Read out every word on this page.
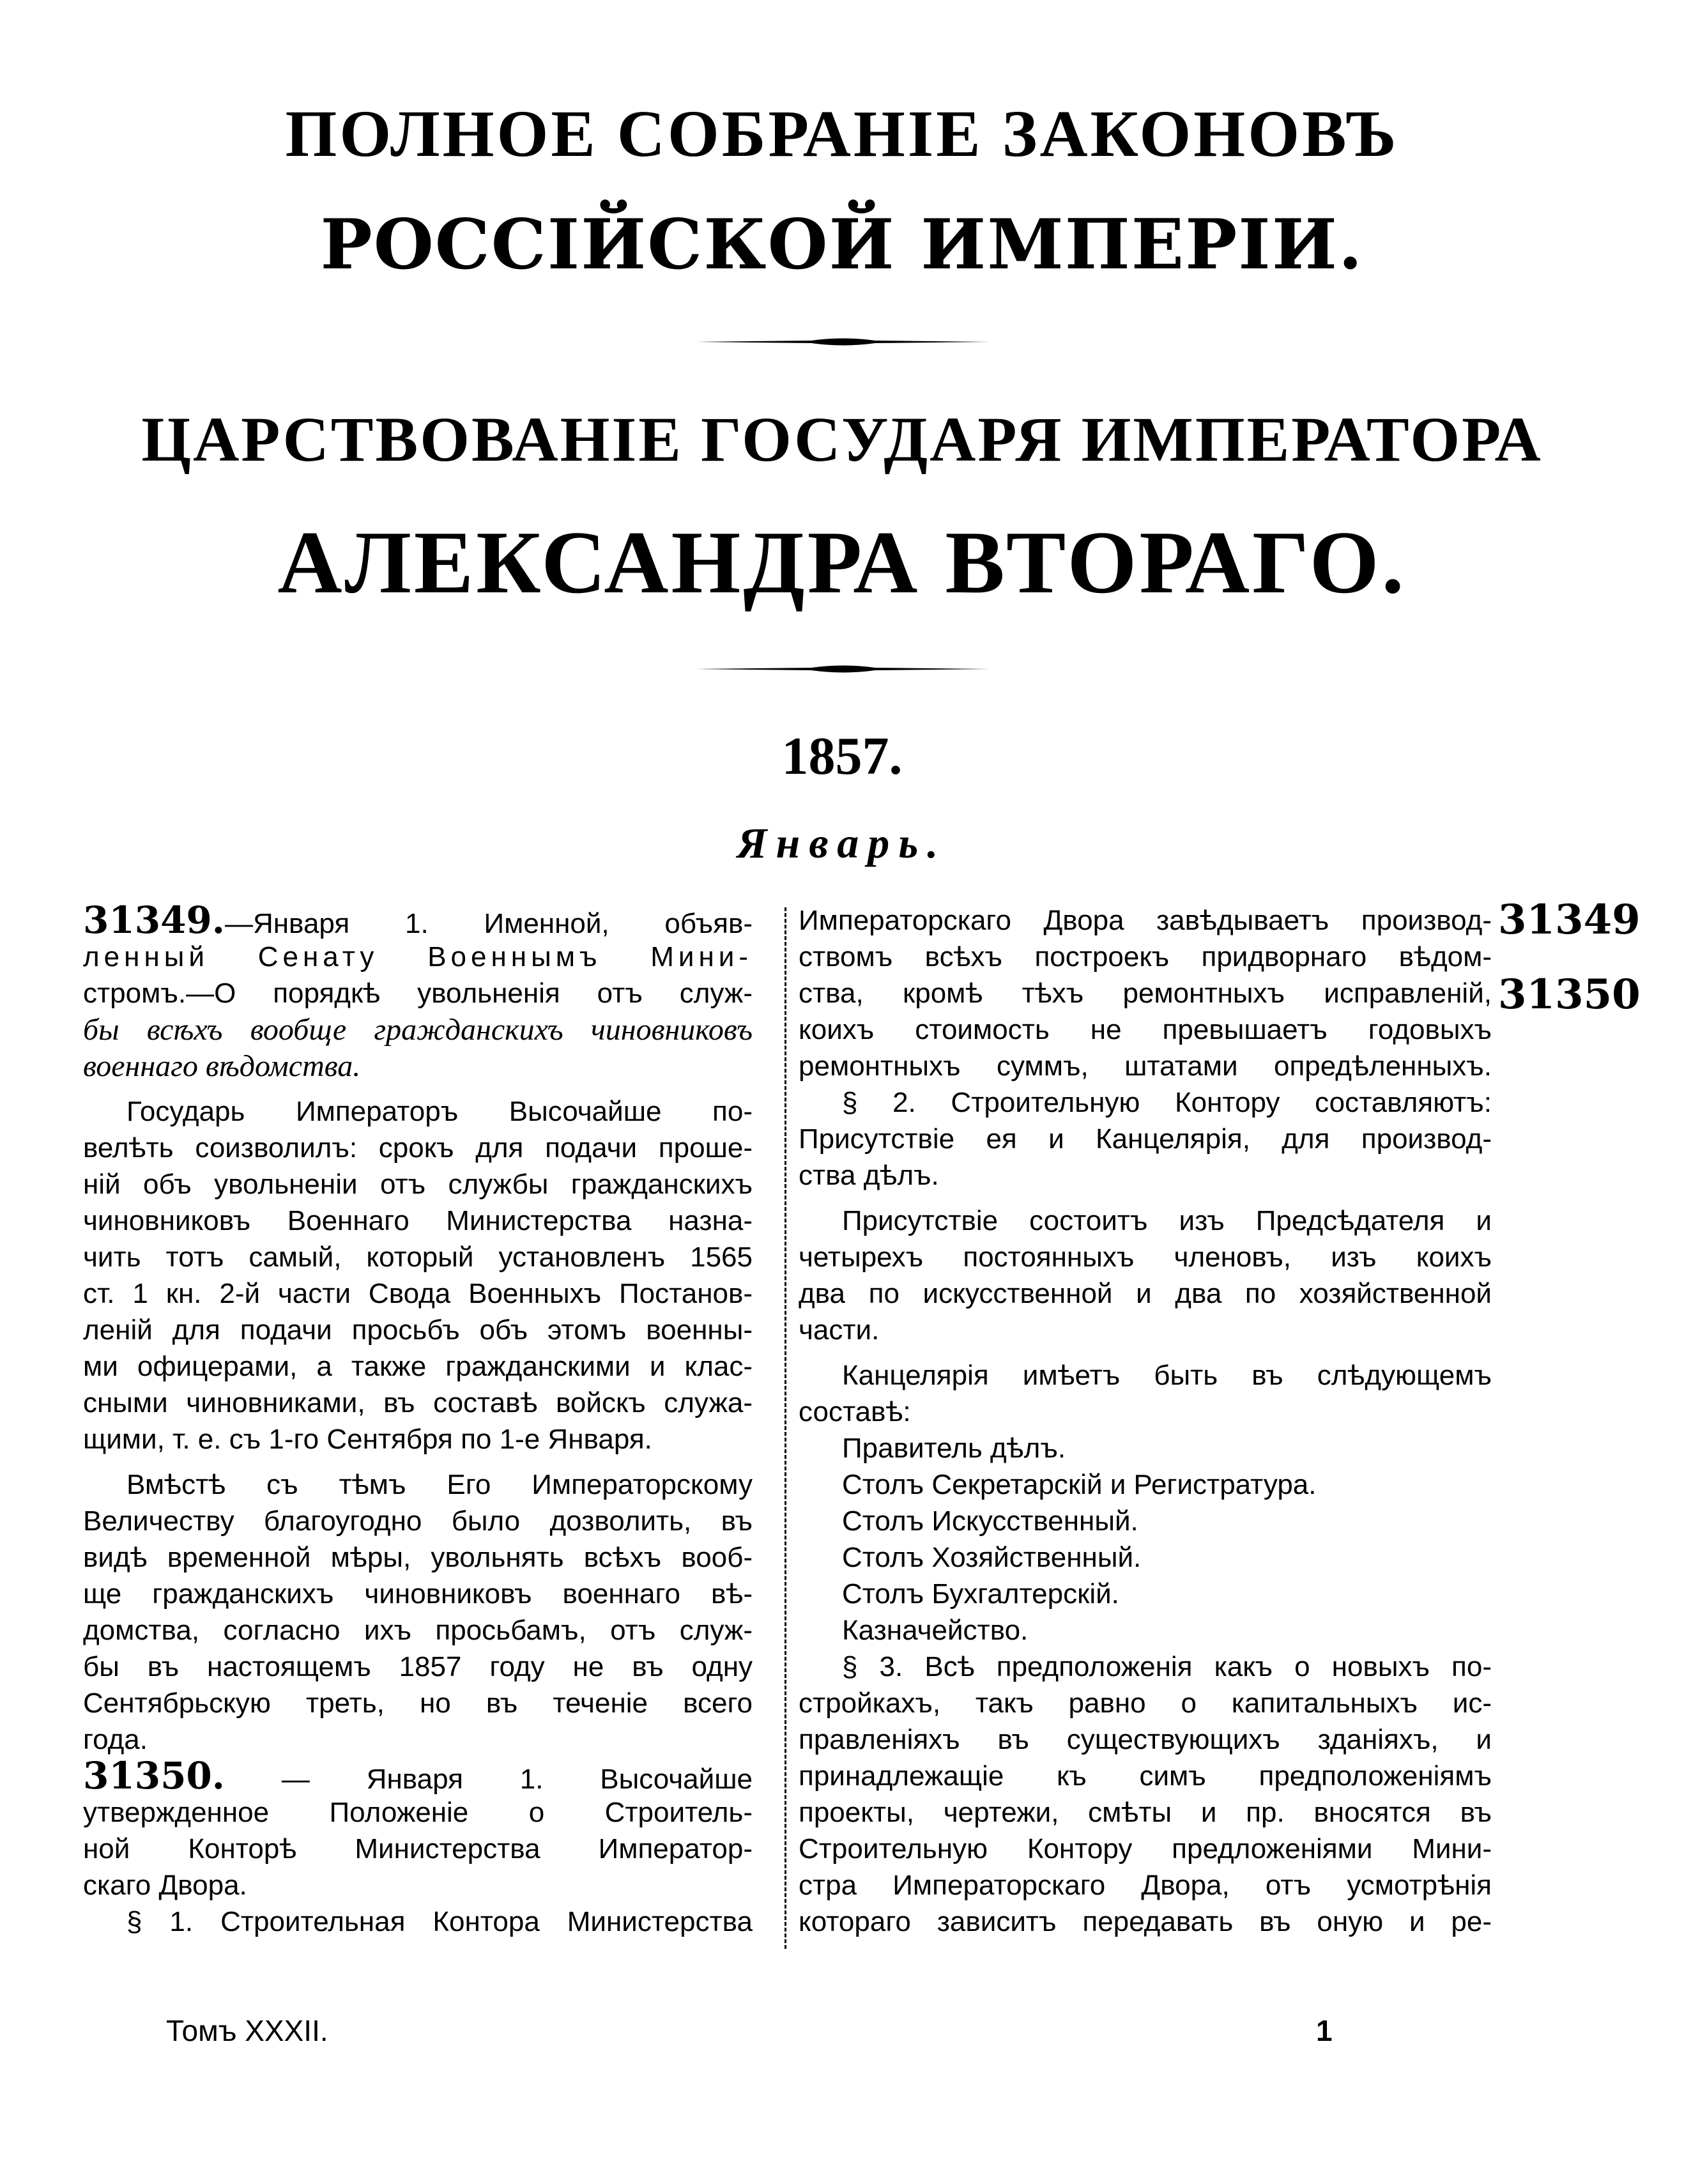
ПОЛНОЕ СОБРАНІЕ ЗАКОНОВЪ
РОССІЙСКОЙ ИМПЕРІИ.
ЦАРСТВОВАНІЕ ГОСУДАРЯ ИМПЕРАТОРА
АЛЕКСАНДРА ВТОРАГО.
1857.
Январь.
31349.—Января 1. Именной, объяв-
ленный Сенату Военнымъ Мини-
стромъ.—О порядкѣ увольненія отъ служ-
бы всѣхъ вообще гражданскихъ чиновниковъ
военнаго вѣдомства.
Государь Императоръ Высочайше по-
велѣть соизволилъ: срокъ для подачи проше-
ній объ увольненіи отъ службы гражданскихъ
чиновниковъ Военнаго Министерства назна-
чить тотъ самый, который установленъ 1565
ст. 1 кн. 2-й части Свода Военныхъ Постанов-
леній для подачи просьбъ объ этомъ военны-
ми офицерами, а также гражданскими и клас-
сными чиновниками, въ составѣ войскъ служа-
щими, т. е. съ 1-го Сентября по 1-е Января.
Вмѣстѣ съ тѣмъ Его Императорскому
Величеству благоугодно было дозволить, въ
видѣ временной мѣры, увольнять всѣхъ вооб-
ще гражданскихъ чиновниковъ военнаго вѣ-
домства, согласно ихъ просьбамъ, отъ служ-
бы въ настоящемъ 1857 году не въ одну
Сентябрьскую треть, но въ теченіе всего
года.
31350. — Января 1. Высочайше
утвержденное Положеніе о Строитель-
ной Конторѣ Министерства Император-
скаго Двора.
§ 1. Строительная Контора Министерства
Императорскаго Двора завѣдываетъ производ-
ствомъ всѣхъ построекъ придворнаго вѣдом-
ства, кромѣ тѣхъ ремонтныхъ исправленій,
коихъ стоимость не превышаетъ годовыхъ
ремонтныхъ суммъ, штатами опредѣленныхъ.
§ 2. Строительную Контору составляютъ:
Присутствіе ея и Канцелярія, для производ-
ства дѣлъ.
Присутствіе состоитъ изъ Предсѣдателя и
четырехъ постоянныхъ членовъ, изъ коихъ
два по искусственной и два по хозяйственной
части.
Канцелярія имѣетъ быть въ слѣдующемъ
составѣ:
Правитель дѣлъ.
Столъ Секретарскій и Регистратура.
Столъ Искусственный.
Столъ Хозяйственный.
Столъ Бухгалтерскій.
Казначейство.
§ 3. Всѣ предположенія какъ о новыхъ по-
стройкахъ, такъ равно о капитальныхъ ис-
правленіяхъ въ существующихъ зданіяхъ, и
принадлежащіе къ симъ предположеніямъ
проекты, чертежи, смѣты и пр. вносятся въ
Строительную Контору предложеніями Мини-
стра Императорскаго Двора, отъ усмотрѣнія
котораго зависитъ передавать въ оную и ре-
31349
31350
Томъ XXXII.	1
